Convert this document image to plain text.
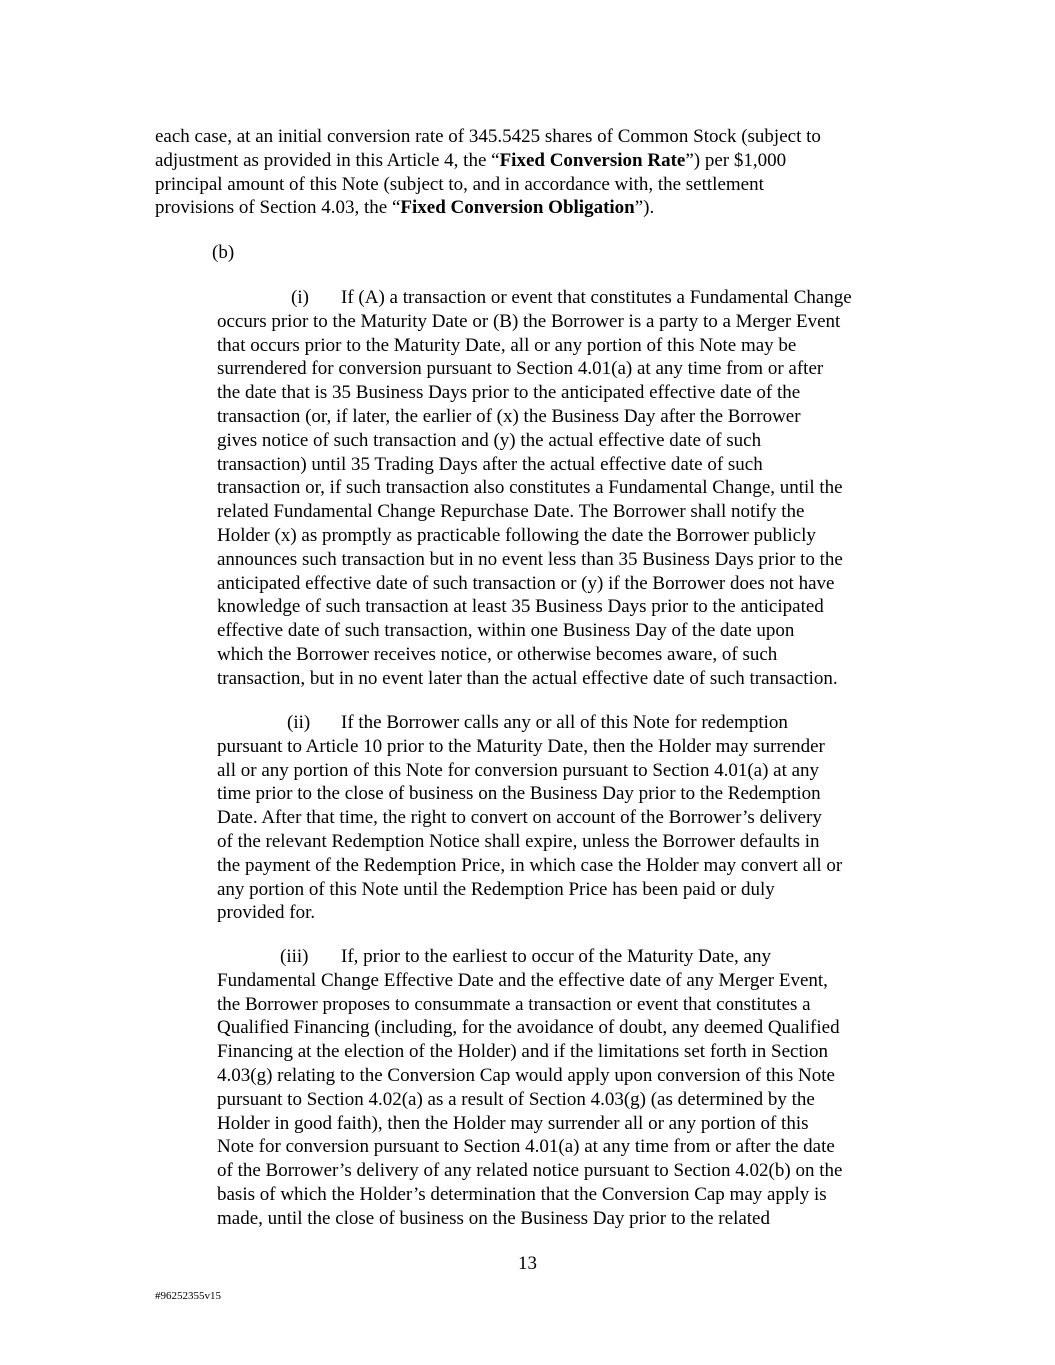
each case, at an initial conversion rate of 345.5425 shares of Common Stock (subject to
adjustment as provided in this Article 4, the “Fixed Conversion Rate”) per $1,000
principal amount of this Note (subject to, and in accordance with, the settlement
provisions of Section 4.03, the “Fixed Conversion Obligation”).
(b)
(i) If (A) a transaction or event that constitutes a Fundamental Change
occurs prior to the Maturity Date or (B) the Borrower is a party to a Merger Event
that occurs prior to the Maturity Date, all or any portion of this Note may be
surrendered for conversion pursuant to Section 4.01(a) at any time from or after
the date that is 35 Business Days prior to the anticipated effective date of the
transaction (or, if later, the earlier of (x) the Business Day after the Borrower
gives notice of such transaction and (y) the actual effective date of such
transaction) until 35 Trading Days after the actual effective date of such
transaction or, if such transaction also constitutes a Fundamental Change, until the
related Fundamental Change Repurchase Date. The Borrower shall notify the
Holder (x) as promptly as practicable following the date the Borrower publicly
announces such transaction but in no event less than 35 Business Days prior to the
anticipated effective date of such transaction or (y) if the Borrower does not have
knowledge of such transaction at least 35 Business Days prior to the anticipated
effective date of such transaction, within one Business Day of the date upon
which the Borrower receives notice, or otherwise becomes aware, of such
transaction, but in no event later than the actual effective date of such transaction.
(ii) If the Borrower calls any or all of this Note for redemption
pursuant to Article 10 prior to the Maturity Date, then the Holder may surrender
all or any portion of this Note for conversion pursuant to Section 4.01(a) at any
time prior to the close of business on the Business Day prior to the Redemption
Date. After that time, the right to convert on account of the Borrower’s delivery
of the relevant Redemption Notice shall expire, unless the Borrower defaults in
the payment of the Redemption Price, in which case the Holder may convert all or
any portion of this Note until the Redemption Price has been paid or duly
provided for.
(iii) If, prior to the earliest to occur of the Maturity Date, any
Fundamental Change Effective Date and the effective date of any Merger Event,
the Borrower proposes to consummate a transaction or event that constitutes a
Qualified Financing (including, for the avoidance of doubt, any deemed Qualified
Financing at the election of the Holder) and if the limitations set forth in Section
4.03(g) relating to the Conversion Cap would apply upon conversion of this Note
pursuant to Section 4.02(a) as a result of Section 4.03(g) (as determined by the
Holder in good faith), then the Holder may surrender all or any portion of this
Note for conversion pursuant to Section 4.01(a) at any time from or after the date
of the Borrower’s delivery of any related notice pursuant to Section 4.02(b) on the
basis of which the Holder’s determination that the Conversion Cap may apply is
made, until the close of business on the Business Day prior to the related
13
#96252355v15
